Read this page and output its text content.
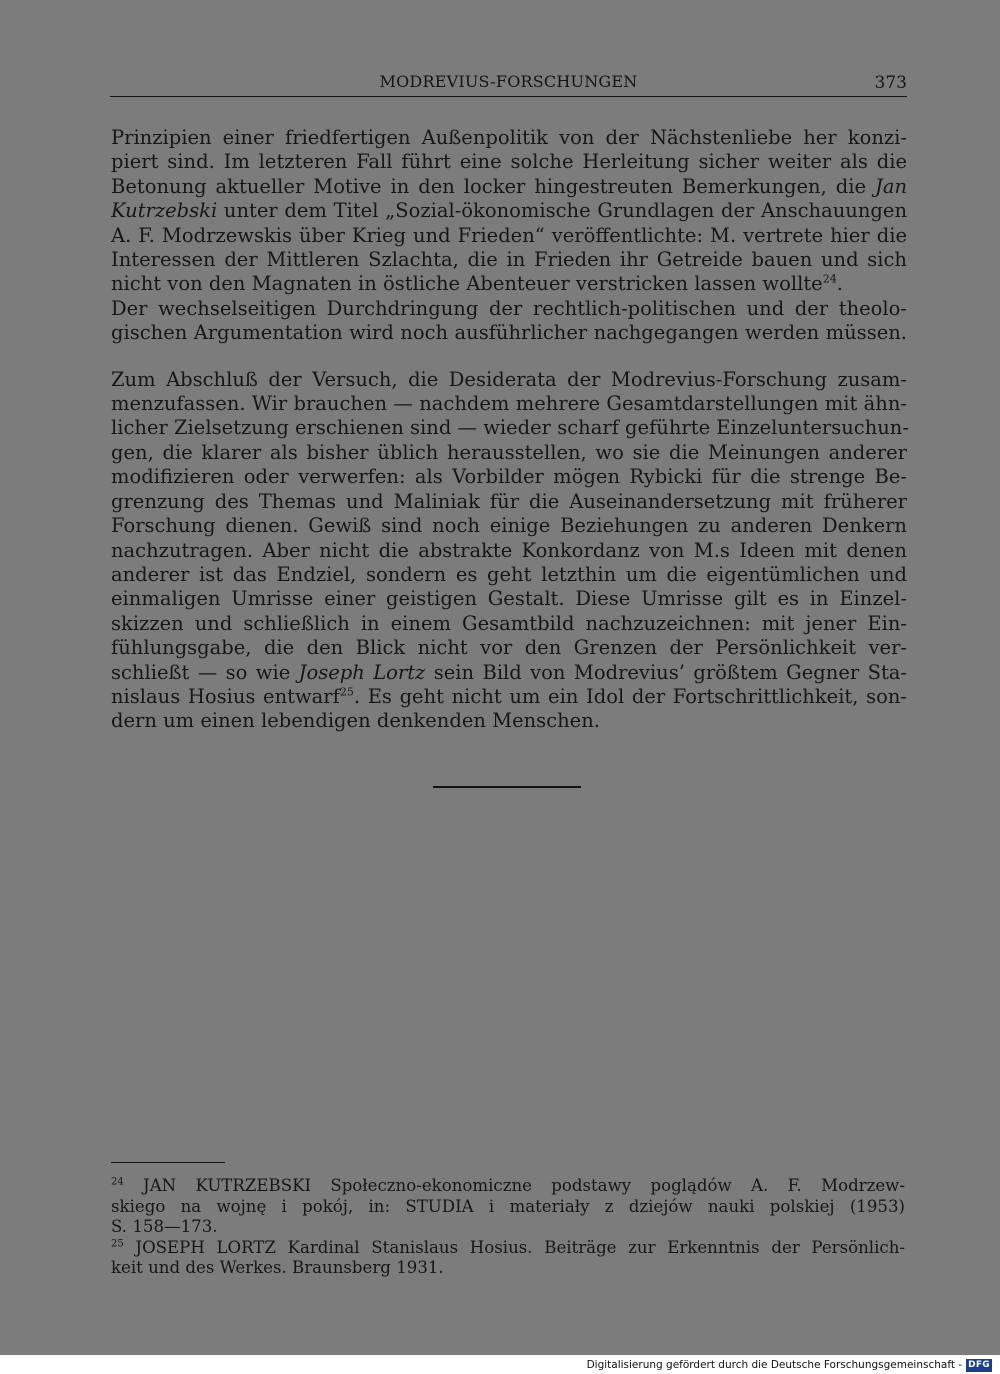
MODREVIUS-FORSCHUNGEN	373
Prinzipien einer friedfertigen Außenpolitik von der Nächstenliebe her konzi-
piert sind. Im letzteren Fall führt eine solche Herleitung sicher weiter als die
Betonung aktueller Motive in den locker hingestreuten Bemerkungen, die Jan
Kutrzebski unter dem Titel „Sozial-ökonomische Grundlagen der Anschauungen
A. F. Modrzewskis über Krieg und Frieden“ veröffentlichte: M. vertrete hier die
Interessen der Mittleren Szlachta, die in Frieden ihr Getreide bauen und sich
nicht von den Magnaten in östliche Abenteuer verstricken lassen wollte$^{24}$.
Der wechselseitigen Durchdringung der rechtlich-politischen und der theolo-
gischen Argumentation wird noch ausführlicher nachgegangen werden müssen.
Zum Abschluß der Versuch, die Desiderata der Modrevius-Forschung zusam-
menzufassen. Wir brauchen — nachdem mehrere Gesamtdarstellungen mit ähn-
licher Zielsetzung erschienen sind — wieder scharf geführte Einzeluntersuchun-
gen, die klarer als bisher üblich herausstellen, wo sie die Meinungen anderer
modifizieren oder verwerfen: als Vorbilder mögen Rybicki für die strenge Be-
grenzung des Themas und Maliniak für die Auseinandersetzung mit früherer
Forschung dienen. Gewiß sind noch einige Beziehungen zu anderen Denkern
nachzutragen. Aber nicht die abstrakte Konkordanz von M.s Ideen mit denen
anderer ist das Endziel, sondern es geht letzthin um die eigentümlichen und
einmaligen Umrisse einer geistigen Gestalt. Diese Umrisse gilt es in Einzel-
skizzen und schließlich in einem Gesamtbild nachzuzeichnen: mit jener Ein-
fühlungsgabe, die den Blick nicht vor den Grenzen der Persönlichkeit ver-
schließt — so wie Joseph Lortz sein Bild von Modrevius’ größtem Gegner Sta-
nislaus Hosius entwarf$^{25}$. Es geht nicht um ein Idol der Fortschrittlichkeit, son-
dern um einen lebendigen denkenden Menschen.
$^{24}$ JAN KUTRZEBSKI Społeczno-ekonomiczne podstawy poglądów A. F. Modrzew-
skiego na wojnę i pokój, in: STUDIA i materiały z dziejów nauki polskiej (1953)
S. 158—173.
$^{25}$ JOSEPH LORTZ Kardinal Stanislaus Hosius. Beiträge zur Erkenntnis der Persönlich-
keit und des Werkes. Braunsberg 1931.
Digitalisierung gefördert durch die Deutsche Forschungsgemeinschaft - DFG
